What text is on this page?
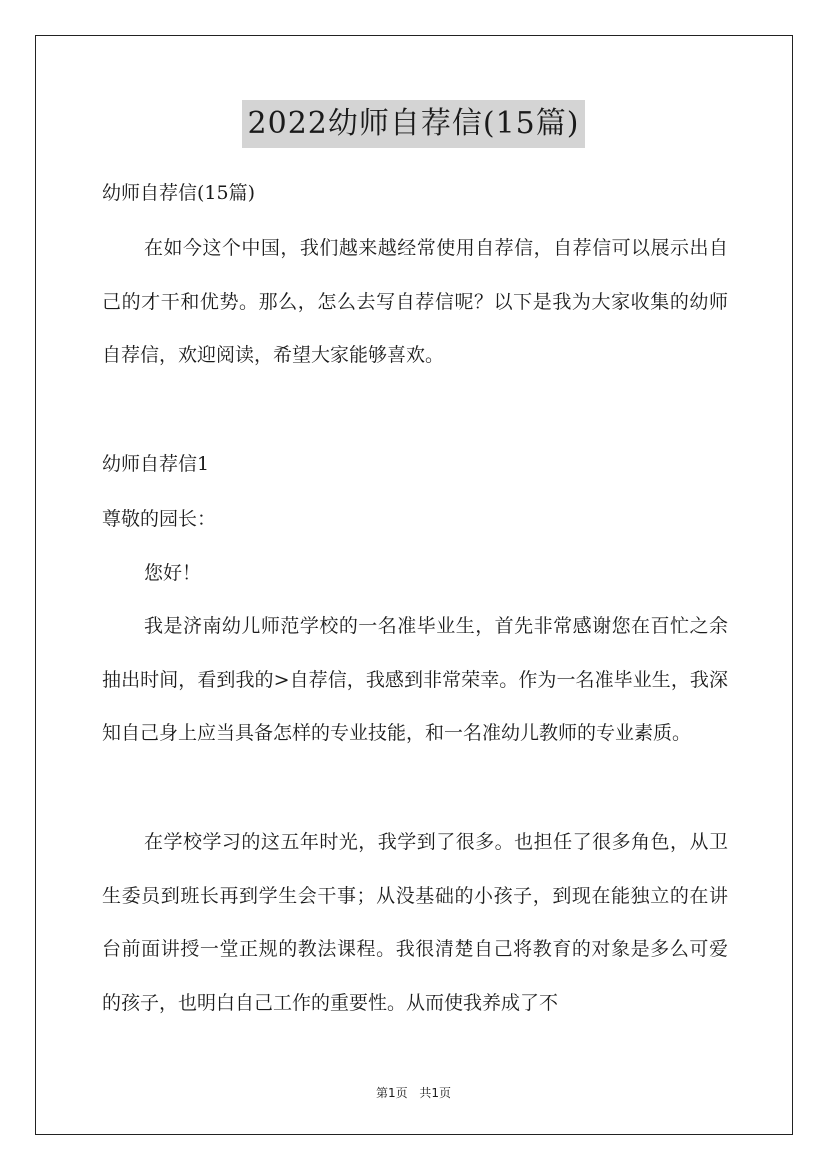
2022幼师自荐信(15篇)

幼师自荐信(15篇)

在如今这个中国，我们越来越经常使用自荐信，自荐信可以展示出自己的才干和优势。那么，怎么去写自荐信呢？以下是我为大家收集的幼师自荐信，欢迎阅读，希望大家能够喜欢。

幼师自荐信1

尊敬的园长：

您好！

我是济南幼儿师范学校的一名准毕业生，首先非常感谢您在百忙之余抽出时间，看到我的>自荐信，我感到非常荣幸。作为一名准毕业生，我深知自己身上应当具备怎样的专业技能，和一名准幼儿教师的专业素质。

在学校学习的这五年时光，我学到了很多。也担任了很多角色，从卫生委员到班长再到学生会干事；从没基础的小孩子，到现在能独立的在讲台前面讲授一堂正规的教法课程。我很清楚自己将教育的对象是多么可爱的孩子，也明白自己工作的重要性。从而使我养成了不

第1页 共1页
